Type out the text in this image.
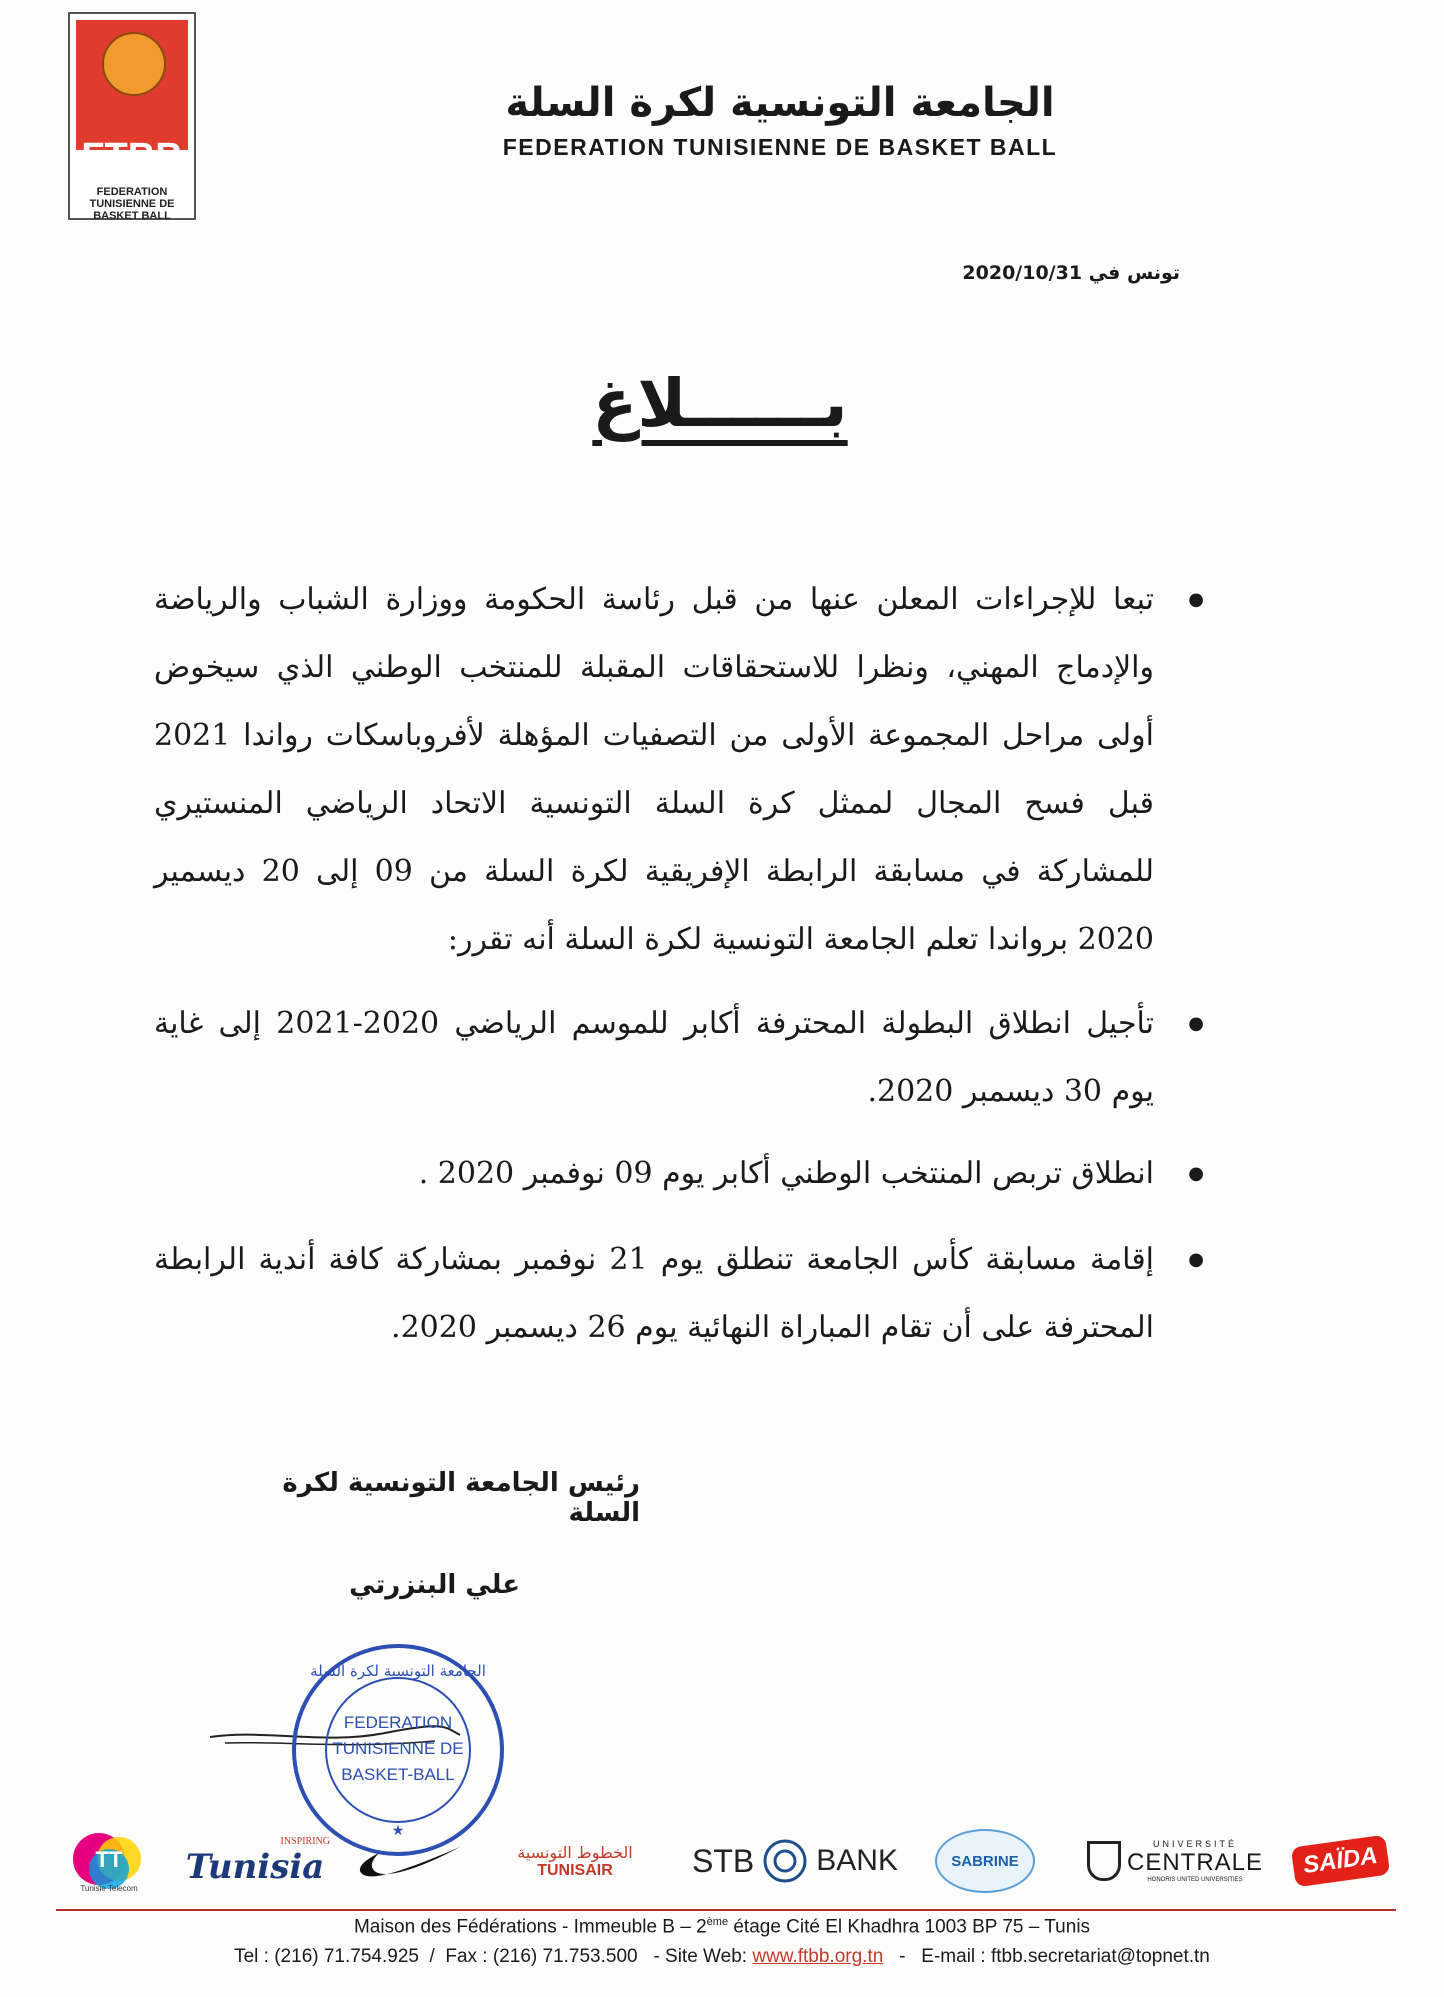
FTBB
FEDERATION
TUNISIENNE DE
BASKET BALL
الجامعة التونسية لكرة السلة
FEDERATION TUNISIENNE DE BASKET BALL
تونس في 2020/10/31
بــــــلاغ
● تبعا للإجراءات المعلن عنها من قبل رئاسة الحكومة ووزارة الشباب والرياضة والإدماج المهني، ونظرا للاستحقاقات المقبلة للمنتخب الوطني الذي سيخوض أولى مراحل المجموعة الأولى من التصفيات المؤهلة لأفروباسكات رواندا 2021 قبل فسح المجال لممثل كرة السلة التونسية الاتحاد الرياضي المنستيري للمشاركة في مسابقة الرابطة الإفريقية لكرة السلة من 09 إلى 20 ديسمير 2020 برواندا تعلم الجامعة التونسية لكرة السلة أنه تقرر:
● تأجيل انطلاق البطولة المحترفة أكابر للموسم الرياضي 2020-2021 إلى غاية يوم 30 ديسمبر 2020.
● انطلاق تربص المنتخب الوطني أكابر يوم 09 نوفمبر 2020 .
● إقامة مسابقة كأس الجامعة تنطلق يوم 21 نوفمبر بمشاركة كافة أندية الرابطة المحترفة على أن تقام المباراة النهائية يوم 26 ديسمبر 2020.
رئيس الجامعة التونسية لكرة السلة
علي البنزرتي
FEDERATION
TUNISIENNE DE
BASKET-BALL
الجامعة التونسية لكرة السلة
★
TT
Tunisie Telecom
INSPIRING
Tunisia	الخطوط التونسية
TUNISAIR STB BANK	SABRINE
UNIVERSITÉ
CENTRALE
HONORIS UNITED UNIVERSITIES
SAÏDA
Maison des Fédérations - Immeuble B – 2ème étage Cité El Khadhra 1003 BP 75 – Tunis
Tel : (216) 71.754.925  /  Fax : (216) 71.753.500   - Site Web: www.ftbb.org.tn   -   E-mail : ftbb.secretariat@topnet.tn
